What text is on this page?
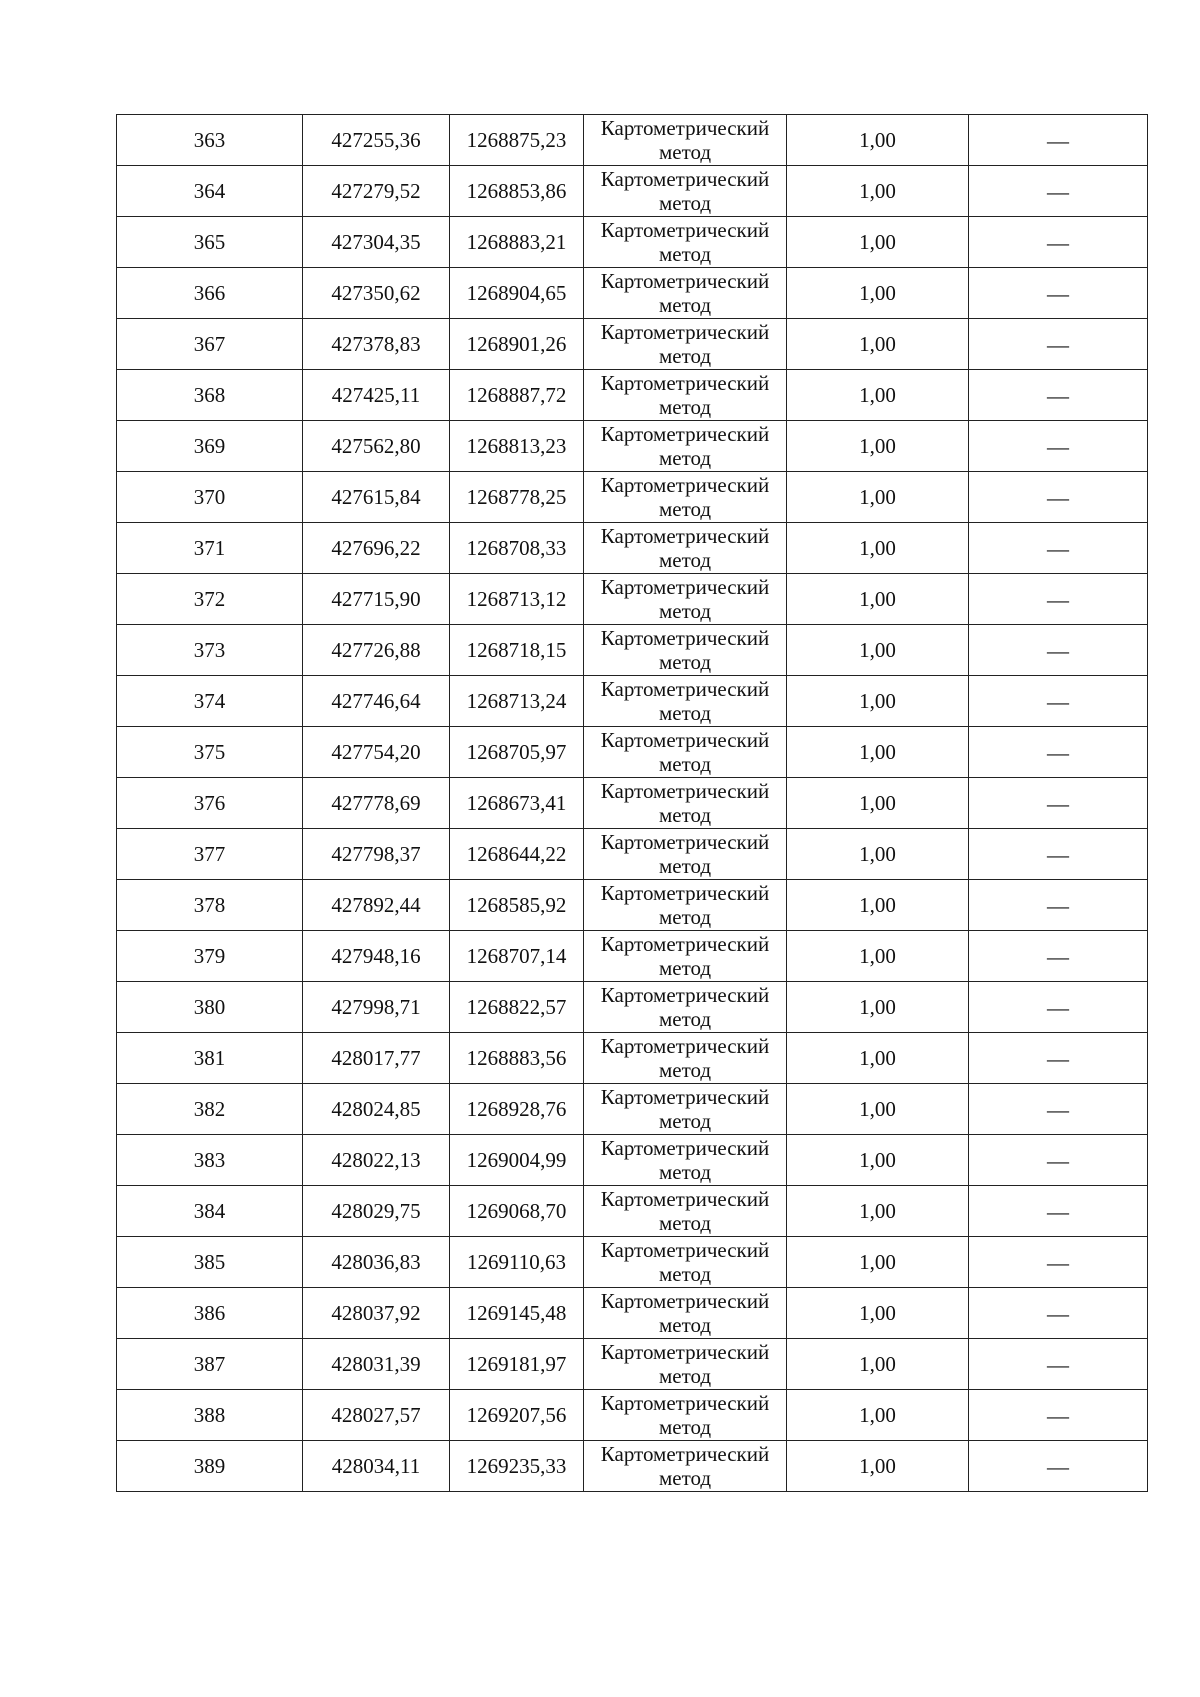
363	427255,36	1268875,23	Картометрический метод	1,00	—
364	427279,52	1268853,86	Картометрический метод	1,00	—
365	427304,35	1268883,21	Картометрический метод	1,00	—
366	427350,62	1268904,65	Картометрический метод	1,00	—
367	427378,83	1268901,26	Картометрический метод	1,00	—
368	427425,11	1268887,72	Картометрический метод	1,00	—
369	427562,80	1268813,23	Картометрический метод	1,00	—
370	427615,84	1268778,25	Картометрический метод	1,00	—
371	427696,22	1268708,33	Картометрический метод	1,00	—
372	427715,90	1268713,12	Картометрический метод	1,00	—
373	427726,88	1268718,15	Картометрический метод	1,00	—
374	427746,64	1268713,24	Картометрический метод	1,00	—
375	427754,20	1268705,97	Картометрический метод	1,00	—
376	427778,69	1268673,41	Картометрический метод	1,00	—
377	427798,37	1268644,22	Картометрический метод	1,00	—
378	427892,44	1268585,92	Картометрический метод	1,00	—
379	427948,16	1268707,14	Картометрический метод	1,00	—
380	427998,71	1268822,57	Картометрический метод	1,00	—
381	428017,77	1268883,56	Картометрический метод	1,00	—
382	428024,85	1268928,76	Картометрический метод	1,00	—
383	428022,13	1269004,99	Картометрический метод	1,00	—
384	428029,75	1269068,70	Картометрический метод	1,00	—
385	428036,83	1269110,63	Картометрический метод	1,00	—
386	428037,92	1269145,48	Картометрический метод	1,00	—
387	428031,39	1269181,97	Картометрический метод	1,00	—
388	428027,57	1269207,56	Картометрический метод	1,00	—
389	428034,11	1269235,33	Картометрический метод	1,00	—
